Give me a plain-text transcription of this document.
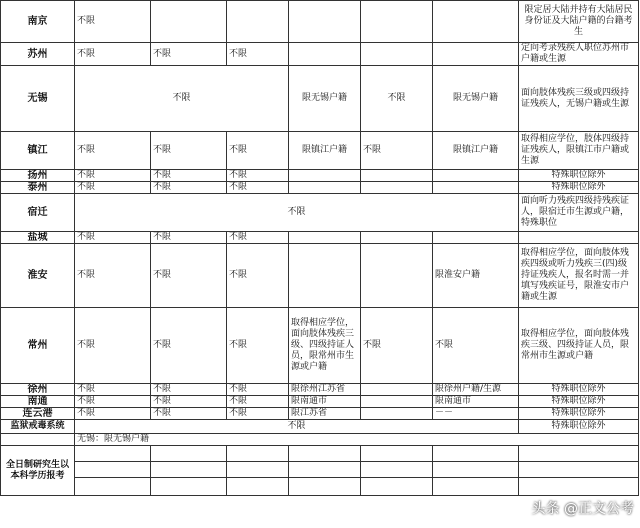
南京	不限						限定居大陆并持有大陆居民身份证及大陆户籍的台籍考生
苏州	不限	不限	不限				定向考录残疾人职位苏州市户籍或生源
无锡	不限			限无锡户籍	不限	限无锡户籍	面向肢体残疾三级或四级持证残疾人，无锡户籍或生源
镇江	不限	不限	不限	限镇江户籍	不限	限镇江户籍	取得相应学位，肢体四级持证残疾人，限镇江市户籍或生源
扬州	不限	不限	不限				特殊职位除外
泰州	不限	不限	不限				特殊职位除外
宿迁	不限						面向听力残疾四级持残疾证人，限宿迁市生源或户籍，特殊职位
盐城	不限	不限	不限				
淮安	不限	不限	不限			限淮安户籍	取得相应学位，面向肢体残疾四级或听力残疾三(四)级持证残疾人，报名时需一并填写残疾证号，限淮安市户籍或生源
常州	不限	不限	不限	取得相应学位，面向肢体残疾三级、四级持证人员，限常州市生源或户籍	不限	不限	取得相应学位，面向肢体残疾三级、四级持证人员，限常州市生源或户籍
徐州	不限	不限	不限	限徐州江苏省		限徐州户籍/生源	特殊职位除外
南通	不限	不限	不限	限南通市		限南通市	特殊职位除外
连云港	不限	不限	不限	限江苏省		－－	特殊职位除外
监狱戒毒系统	不限						特殊职位除外
	无锡：限无锡户籍						
全日制研究生以本科学历报考							

头条 @正文公考
